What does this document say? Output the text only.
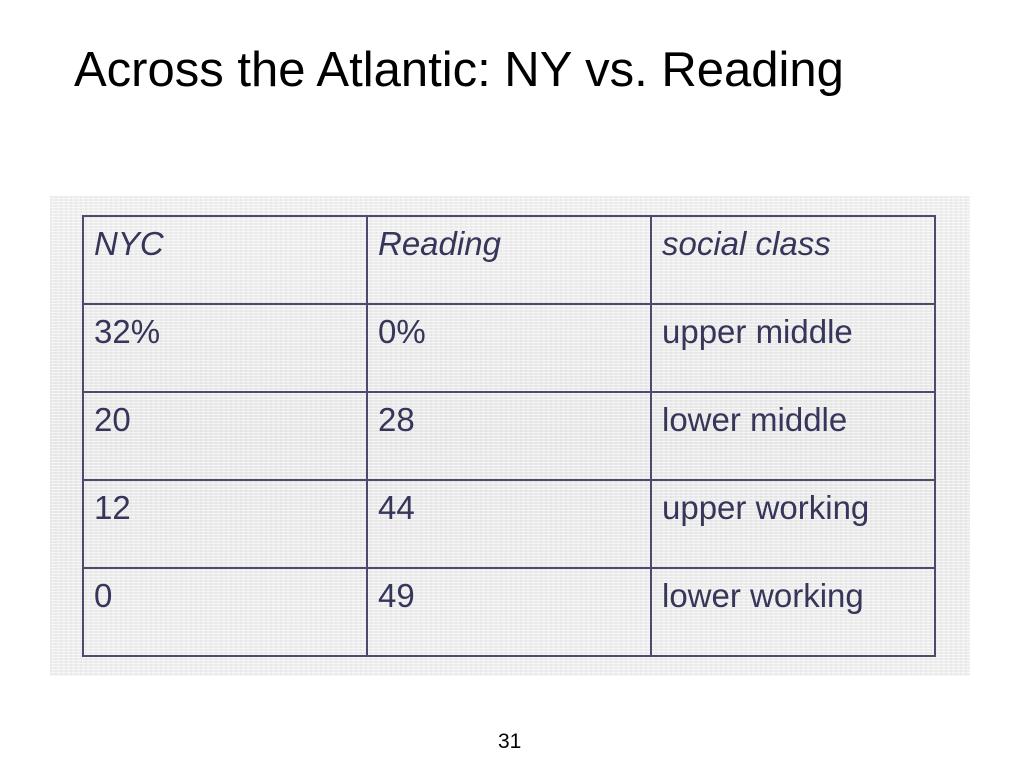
Across the Atlantic: NY vs. Reading
NYC	Reading	social class
32%	0%	upper middle
20	28	lower middle
12	44	upper working
0	49	lower working
31
